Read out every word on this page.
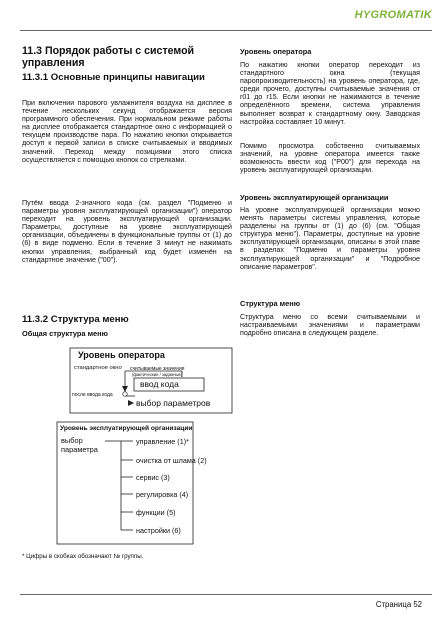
HYGROMATIK
11.3 Порядок работы с системой управления
11.3.1 Основные принципы навигации
При включении парового увлажнителя воздуха на дисплее в течение нескольких секунд отображается версия программного обеспечения. При нормальном режиме работы на дисплее отображается стандартное окно с информацией о текущем производстве пара. По нажатию кнопки открывается доступ к первой записи в списке считываемых и вводимых значений. Переход между позициями этого списка осуществляется с помощью кнопок со стрелками.
Путём ввода 2-значного кода (см. раздел "Подменю и параметры уровня эксплуатирующей организации") оператор переходит на уровень эксплуатирующей организации. Параметры, доступные на уровне эксплуатирующей организации, объединены в функциональные группы от (1) до (6) в виде подменю. Если в течение 3 минут не нажимать кнопки управления, выбранный код будет изменён на стандартное значение ("00").
11.3.2 Структура меню
Общая структура меню
Уровень оператора
стандартное окно считываемые значения
(фактические / заданные)
ввод кода
после ввода кода
выбор параметров
Уровень эксплуатирующей организации
выбор параметра
управление (1)*
очистка от шлама (2)
сервис (3)
регулировка (4)
функции (5)
настройки (6)
* Цифры в скобках обозначают № группы.
Уровень оператора
По нажатию кнопки оператор переходит из стандартного окна (текущая паропроизводительность) на уровень оператора, где, среди прочего, доступны считываемые значения от r01 до r15. Если кнопки не нажимаются в течение определённого времени, система управления выполняет возврат к стандартному окну. Заводская настройка составляет 10 минут.
Помимо просмотра собственно считываемых значений, на уровне оператора имеется также возможность ввести код ("P00") для перехода на уровень эксплуатирующей организации.
Уровень эксплуатирующей организации
На уровне эксплуатирующей организации можно менять параметры системы управления, которые разделены на группы от (1) до (6) (см. "Общая структура меню"). Параметры, доступные на уровне эксплуатирующей организации, описаны в этой главе в разделах "Подменю и параметры уровня эксплуатирующей организации" и "Подробное описание параметров".
Структура меню
Структура меню со всеми считываемыми и настраиваемыми значениями и параметрами подробно описана в следующем разделе.
Страница 52
